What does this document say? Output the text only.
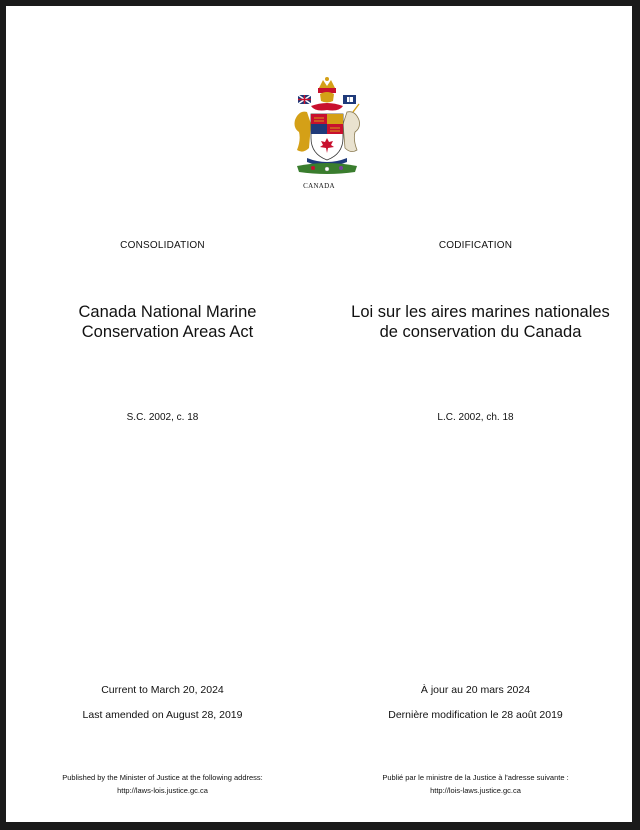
CANADA
CONSOLIDATION
Canada National Marine Conservation Areas Act
S.C. 2002, c. 18
Current to March 20, 2024
Last amended on August 28, 2019
Published by the Minister of Justice at the following address:
http://laws-lois.justice.gc.ca
CODIFICATION
Loi sur les aires marines nationales de conservation du Canada
L.C. 2002, ch. 18
À jour au 20 mars 2024
Dernière modification le 28 août 2019
Publié par le ministre de la Justice à l’adresse suivante :
http://lois-laws.justice.gc.ca
